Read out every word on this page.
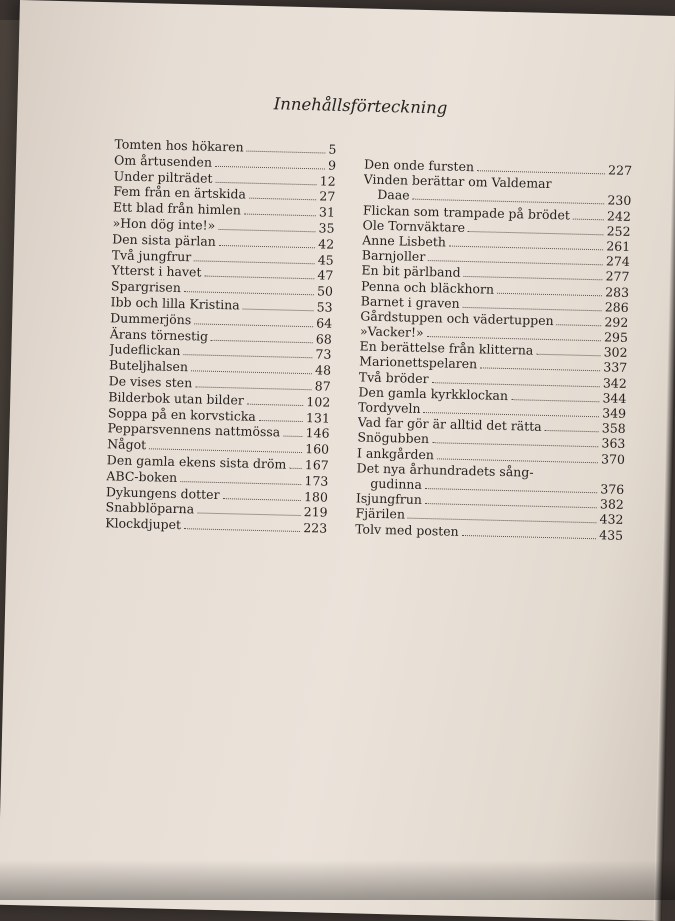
Innehållsförteckning
Tomten hos hökaren	5
Om årtusenden	9
Under pilträdet	12
Fem från en ärtskida	27
Ett blad från himlen	31
»Hon dög inte!»	35
Den sista pärlan	42
Två jungfrur	45
Ytterst i havet	47
Spargrisen	50
Ibb och lilla Kristina	53
Dummerjöns	64
Ärans törnestig	68
Judeflickan	73
Buteljhalsen	48
De vises sten	87
Bilderbok utan bilder	102
Soppa på en korvsticka	131
Pepparsvennens nattmössa 146
Något	160
Den gamla ekens sista dröm 167
ABC-boken	173
Dykungens dotter	180
Snabblöparna	219
Klockdjupet	223
Den onde fursten	227
Vinden berättar om Valdemar
Daae	230
Flickan som trampade på brödet	242
Ole Tornväktare	252
Anne Lisbeth	261
Barnjoller	274
En bit pärlband	277
Penna och bläckhorn	283
Barnet i graven	286
Gårdstuppen och vädertuppen	292
»Vacker!»	295
En berättelse från klitterna	302
Marionettspelaren	337
Två bröder	342
Den gamla kyrkklockan	344
Tordyveln	349
Vad far gör är alltid det rätta	358
Snögubben	363
I ankgården	370
Det nya århundradets sång-
gudinna	376
Isjungfrun	382
Fjärilen	432
Tolv med posten	435
